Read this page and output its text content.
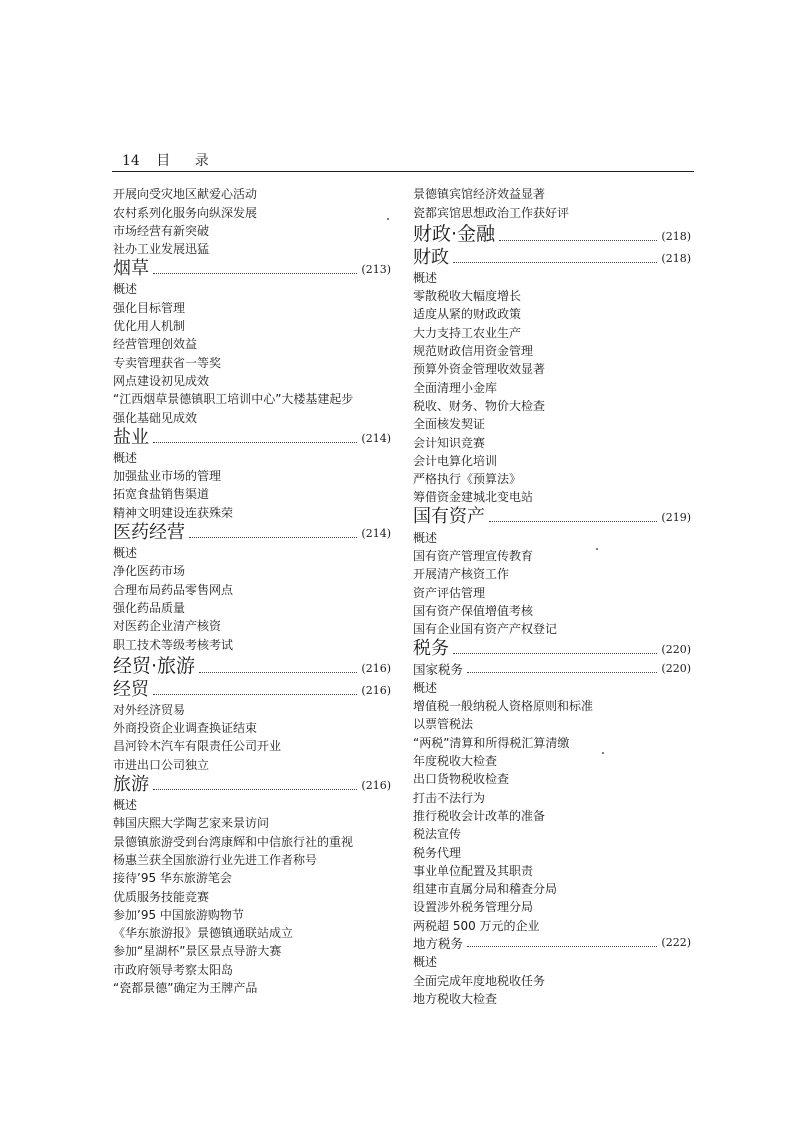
14 目 录
开展向受灾地区献爱心活动
农村系列化服务向纵深发展
市场经营有新突破
社办工业发展迅猛
烟草	(213)
概述
强化目标管理
优化用人机制
经营管理创效益
专卖管理获省一等奖
网点建设初见成效
“江西烟草景德镇职工培训中心”大楼基建起步
强化基础见成效
盐业	(214)
概述
加强盐业市场的管理
拓宽食盐销售渠道
精神文明建设连获殊荣
医药经营	(214)
概述
净化医药市场
合理布局药品零售网点
强化药品质量
对医药企业清产核资
职工技术等级考核考试
经贸·旅游	(216)
经贸	(216)
对外经济贸易
外商投资企业调查换证结束
昌河铃木汽车有限责任公司开业
市进出口公司独立
旅游	(216)
概述
韩国庆熙大学陶艺家来景访问
景德镇旅游受到台湾康辉和中信旅行社的重视
杨惠兰获全国旅游行业先进工作者称号
接待’95 华东旅游笔会
优质服务技能竞赛
参加’95 中国旅游购物节
《华东旅游报》景德镇通联站成立
参加“星湖杯”景区景点导游大赛
市政府领导考察太阳岛
“瓷都景德”确定为王牌产品
景德镇宾馆经济效益显著
瓷都宾馆思想政治工作获好评
财政·金融	(218)
财政	(218)
概述
零散税收大幅度增长
适度从紧的财政政策
大力支持工农业生产
规范财政信用资金管理
预算外资金管理收效显著
全面清理小金库
税收、财务、物价大检查
全面核发契证
会计知识竞赛
会计电算化培训
严格执行《预算法》
筹借资金建城北变电站
国有资产	(219)
概述
国有资产管理宣传教育
开展清产核资工作
资产评估管理
国有资产保值增值考核
国有企业国有资产产权登记
税务	(220)
国家税务	(220)
概述
增值税一般纳税人资格原则和标准
以票管税法
“两税”清算和所得税汇算清缴
年度税收大检查
出口货物税收检查
打击不法行为
推行税收会计改革的准备
税法宣传
税务代理
事业单位配置及其职责
组建市直属分局和稽查分局
设置涉外税务管理分局
两税超 500 万元的企业
地方税务	(222)
概述
全面完成年度地税收任务
地方税收大检查
